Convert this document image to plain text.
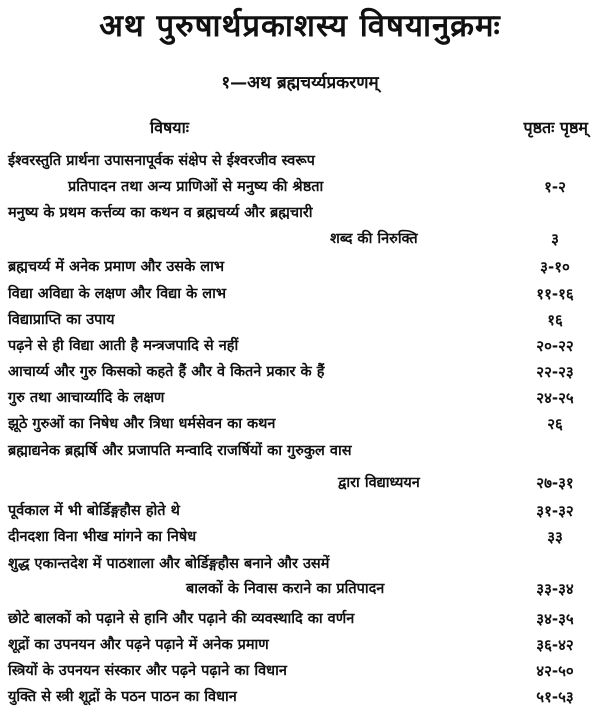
अथ पुरुषार्थप्रकाशस्य विषयानुक्रमः
१—अथ ब्रह्मचर्य्यप्रकरणम्
विषयाः	पृष्ठतः पृष्ठम्
ईश्वरस्तुति प्रार्थना उपासनापूर्वक संक्षेप से ईश्वरजीव स्वरूप
प्रतिपादन तथा अन्य प्राणिओं से मनुष्य की श्रेष्ठता	१-२
मनुष्य के प्रथम कर्त्तव्य का कथन व ब्रह्मचर्य्य और ब्रह्मचारी
शब्द की निरुक्ति	३
ब्रह्मचर्य्य में अनेक प्रमाण और उसके लाभ	३-१०
विद्या अविद्या के लक्षण और विद्या के लाभ	११-१६
विद्याप्राप्ति का उपाय	१६
पढ़ने से ही विद्या आती है मन्त्रजपादि से नहीं	२०-२२
आचार्य्य और गुरु किसको कहते हैं और वे कितने प्रकार के हैं	२२-२३
गुरु तथा आचार्य्यादि के लक्षण	२४-२५
झूठे गुरुओं का निषेध और त्रिधा धर्मसेवन का कथन	२६
ब्रह्माद्यनेक ब्रह्मर्षि और प्रजापति मन्वादि राजर्षियों का गुरुकुल वास
द्वारा विद्याध्ययन	२७-३१
पूर्वकाल में भी बोर्डिङ्गहौस होते थे	३१-३२
दीनदशा विना भीख मांगने का निषेध	३३
शुद्ध एकान्तदेश में पाठशाला और बोर्डिङ्गहौस बनाने और उसमें
बालकों के निवास कराने का प्रतिपादन	३३-३४
छोटे बालकों को पढ़ाने से हानि और पढ़ाने की व्यवस्थादि का वर्णन	३४-३५
शूद्रों का उपनयन और पढ़ने पढ़ाने में अनेक प्रमाण	३६-४२
स्त्रियों के उपनयन संस्कार और पढ़ने पढ़ाने का विधान	४२-५०
युक्ति से स्त्री शूद्रों के पठन पाठन का विधान	५१-५३
